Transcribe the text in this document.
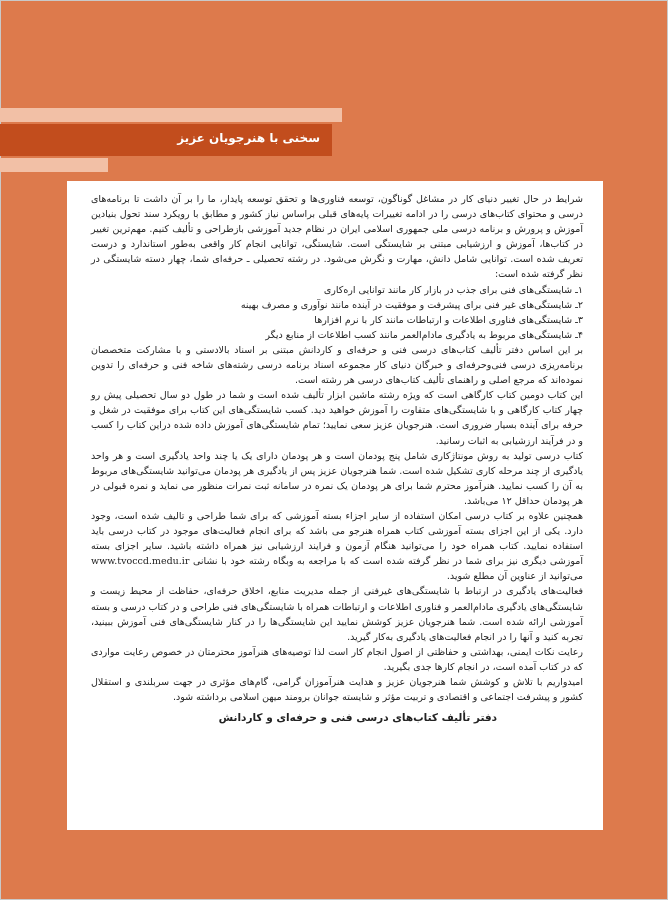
سخنی با هنرجویان عزیز

شرایط در حال تغییر دنیای کار در مشاغل گوناگون، توسعه فناوری‌ها و تحقق توسعه پایدار، ما را بر آن داشت تا برنامه‌های درسی و محتوای کتاب‌های درسی را در ادامه تغییرات پایه‌های قبلی براساس نیاز کشور و مطابق با رویکرد سند تحول بنیادین آموزش و پرورش و برنامه درسی ملی جمهوری اسلامی ایران در نظام جدید آموزشی بازطراحی و تألیف کنیم. مهم‌ترین تغییر در کتاب‌ها، آموزش و ارزشیابی مبتنی بر شایستگی است. شایستگی، توانایی انجام کار واقعی به‌طور استاندارد و درست تعریف شده است. توانایی شامل دانش، مهارت و نگرش می‌شود. در رشته تحصیلی ـ حرفه‌ای شما، چهار دسته شایستگی در نظر گرفته شده است:

۱ـ شایستگی‌های فنی برای جذب در بازار کار مانند توانایی اره‌کاری

۲ـ شایستگی‌های غیر فنی برای پیشرفت و موفقیت در آینده مانند نوآوری و مصرف بهینه

۳ـ شایستگی‌های فناوری اطلاعات و ارتباطات مانند کار با نرم افزارها

۴ـ شایستگی‌های مربوط به یادگیری مادام‌العمر مانند کسب اطلاعات از منابع دیگر

بر این اساس دفتر تألیف کتاب‌های درسی فنی و حرفه‌ای و کاردانش مبتنی بر اسناد بالادستی و با مشارکت متخصصان برنامه‌ریزی درسی فنی‌وحرفه‌ای و خبرگان دنیای کار مجموعه اسناد برنامه درسی رشته‌های شاخه فنی و حرفه‌ای را تدوین نموده‌اند که مرجع اصلی و راهنمای تألیف کتاب‌های درسی هر رشته است.

این کتاب دومین کتاب کارگاهی است که ویژه رشته ماشین ابزار تألیف شده است و شما در طول دو سال تحصیلی پیش رو چهار کتاب کارگاهی و با شایستگی‌های متفاوت را آموزش خواهید دید. کسب شایستگی‌های این کتاب برای موفقیت در شغل و حرفه برای آینده بسیار ضروری است. هنرجویان عزیز سعی نمایید؛ تمام شایستگی‌های آموزش داده شده دراین کتاب را کسب و در فرآیند ارزشیابی به اثبات رسانید.

کتاب درسی تولید به روش مونتاژکاری شامل پنج پودمان است و هر پودمان دارای یک یا چند واحد یادگیری است و هر واحد یادگیری از چند مرحله کاری تشکیل شده است. شما هنرجویان عزیز پس از یادگیری هر پودمان می‌توانید شایستگی‌های مربوط به آن را کسب نمایید. هنرآموز محترم شما برای هر پودمان یک نمره در سامانه ثبت نمرات منظور می نماید و نمره قبولی در هر پودمان حداقل ۱۲ می‌باشد.

همچنین علاوه بر کتاب درسی امکان استفاده از سایر اجزاء بسته آموزشی که برای شما طراحی و تالیف شده است، وجود دارد. یکی از این اجزای بسته آموزشی کتاب همراه هنرجو می باشد که برای انجام فعالیت‌های موجود در کتاب درسی باید استفاده نمایید. کتاب همراه خود را می‌توانید هنگام آزمون و فرایند ارزشیابی نیز همراه داشته باشید. سایر اجزای بسته آموزشی دیگری نیز برای شما در نظر گرفته شده است که با مراجعه به وبگاه رشته خود با نشانی www.tvoccd.medu.ir می‌توانید از عناوین آن مطلع شوید.

فعالیت‌های یادگیری در ارتباط با شایستگی‌های غیرفنی از جمله مدیریت منابع، اخلاق حرفه‌ای، حفاظت از محیط زیست و شایستگی‌های یادگیری مادام‌العمر و فناوری اطلاعات و ارتباطات همراه با شایستگی‌های فنی طراحی و در کتاب درسی و بسته آموزشی ارائه شده است. شما هنرجویان عزیز کوشش نمایید این شایستگی‌ها را در کنار شایستگی‌های فنی آموزش ببینید، تجربه کنید و آنها را در انجام فعالیت‌های یادگیری به‌کار گیرید.

رعایت نکات ایمنی، بهداشتی و حفاظتی از اصول انجام کار است لذا توصیه‌های هنرآموز محترمتان در خصوص رعایت مواردی که در کتاب آمده است، در انجام کارها جدی بگیرید.

امیدواریم با تلاش و کوشش شما هنرجویان عزیز و هدایت هنرآموزان گرامی، گام‌های مؤثری در جهت سربلندی و استقلال کشور و پیشرفت اجتماعی و اقتصادی و تربیت مؤثر و شایسته جوانان برومند میهن اسلامی برداشته شود.

دفتر تألیف کتاب‌های درسی فنی و حرفه‌ای و کاردانش
